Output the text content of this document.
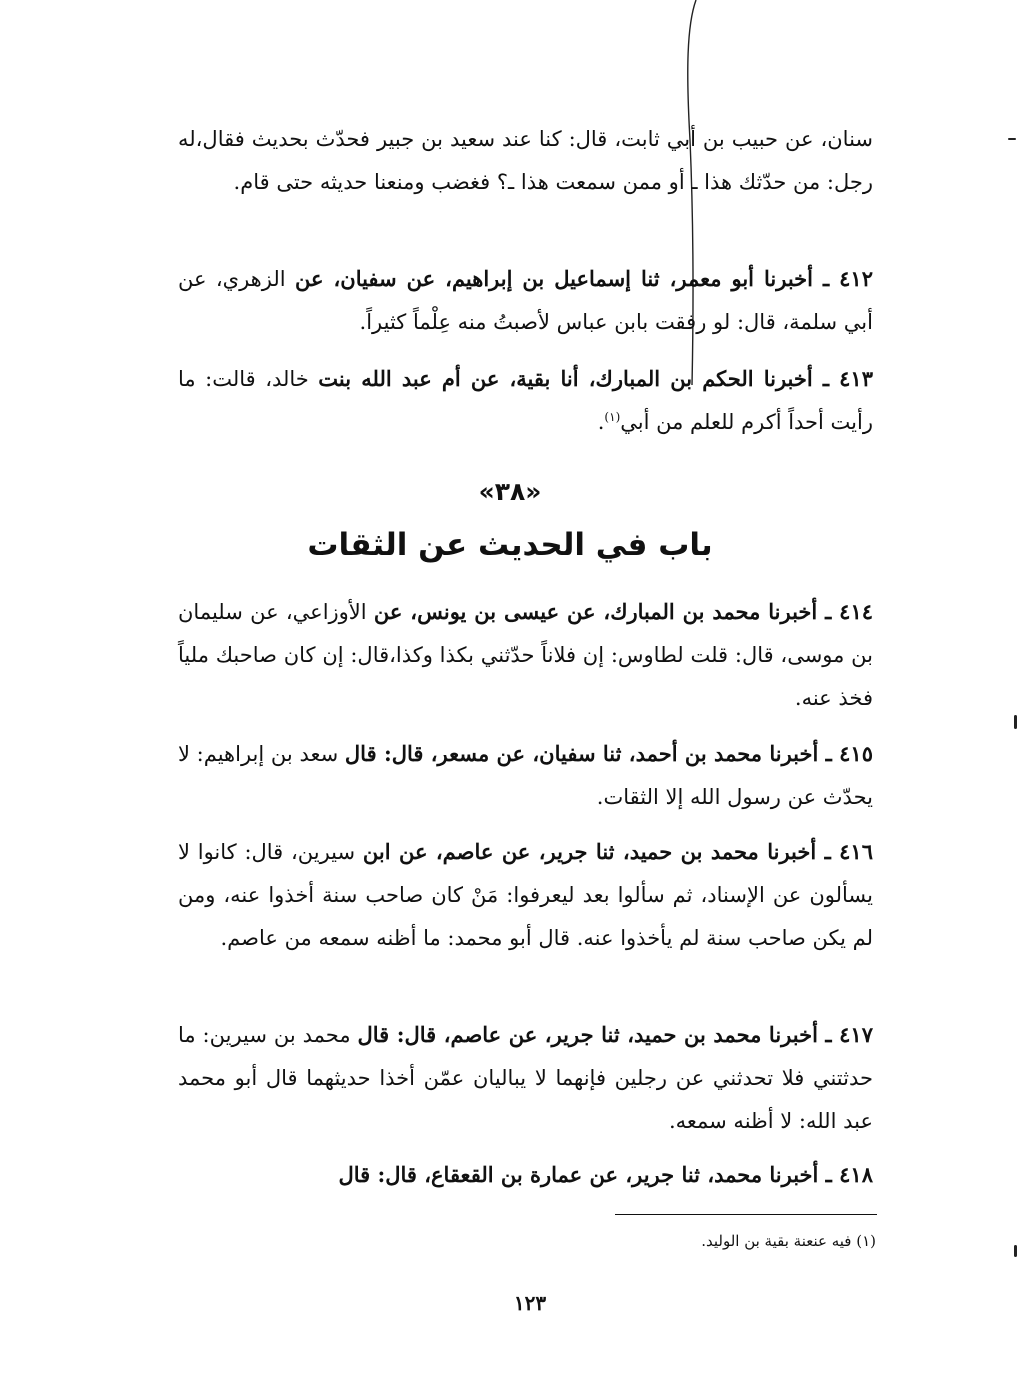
سنان، عن حبيب بن أبي ثابت، قال: كنا عند سعيد بن جبير فحدّث بحديث فقال،له رجل: من حدّثك هذا ـ أو ممن سمعت هذا ـ؟ فغضب ومنعنا حديثه حتى قام.

٤١٢ ـ أخبرنا أبو معمر، ثنا إسماعيل بن إبراهيم، عن سفيان، عن الزهري، عن أبي سلمة، قال: لو رفقت بابن عباس لأصبتُ منه عِلْماً كثيراً.

٤١٣ ـ أخبرنا الحكم بن المبارك، أنا بقية، عن أم عبد الله بنت خالد، قالت: ما رأيت أحداً أكرم للعلم من أبي$^{(١)}$.

«٣٨»
باب في الحديث عن الثقات

٤١٤ ـ أخبرنا محمد بن المبارك، عن عيسى بن يونس، عن الأوزاعي، عن سليمان بن موسى، قال: قلت لطاوس: إن فلاناً حدّثني بكذا وكذا،قال: إن كان صاحبك ملياً فخذ عنه.

٤١٥ ـ أخبرنا محمد بن أحمد، ثنا سفيان، عن مسعر، قال: قال سعد بن إبراهيم: لا يحدّث عن رسول الله إلا الثقات.

٤١٦ ـ أخبرنا محمد بن حميد، ثنا جرير، عن عاصم، عن ابن سيرين، قال: كانوا لا يسألون عن الإسناد، ثم سألوا بعد ليعرفوا: مَنْ كان صاحب سنة أخذوا عنه، ومن لم يكن صاحب سنة لم يأخذوا عنه. قال أبو محمد: ما أظنه سمعه من عاصم.

٤١٧ ـ أخبرنا محمد بن حميد، ثنا جرير، عن عاصم، قال: قال محمد بن سيرين: ما حدثتني فلا تحدثني عن رجلين فإنهما لا يباليان عمّن أخذا حديثهما قال أبو محمد عبد الله: لا أظنه سمعه.

٤١٨ ـ أخبرنا محمد، ثنا جرير، عن عمارة بن القعقاع، قال: قال

(١) فيه عنعنة بقية بن الوليد.
١٢٣
